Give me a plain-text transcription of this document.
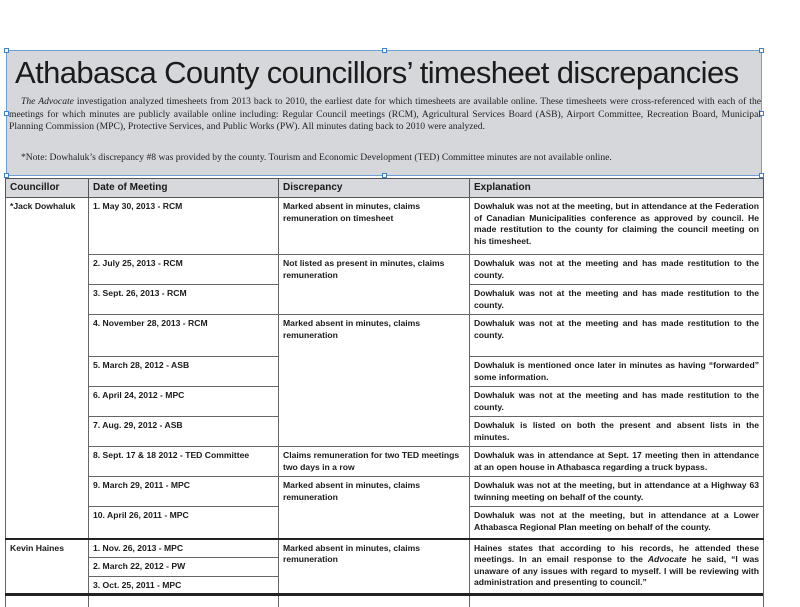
Athabasca County councillors’ timesheet discrepancies
The Advocate investigation analyzed timesheets from 2013 back to 2010, the earliest date for which timesheets are available online. These timesheets were cross-referenced with each of the meetings for which minutes are publicly available online including: Regular Council meetings (RCM), Agricultural Services Board (ASB), Airport Committee, Recreation Board, Municipal Planning Commission (MPC), Protective Services, and Public Works (PW). All minutes dating back to 2010 were analyzed.
*Note: Dowhaluk’s discrepancy #8 was provided by the county. Tourism and Economic Development (TED) Committee minutes are not available online.
Councillor	Date of Meeting	Discrepancy	Explanation
*Jack Dowhaluk	1. May 30, 2013 - RCM	Marked absent in minutes, claims remuneration on timesheet	Dowhaluk was not at the meeting, but in attendance at the Federation of Canadian Municipalities conference as approved by council. He made restitution to the county for claiming the council meeting on his timesheet.
	2. July 25, 2013 - RCM	Not listed as present in minutes, claims remuneration	Dowhaluk was not at the meeting and has made restitution to the county.
	3. Sept. 26, 2013 - RCM		Dowhaluk was not at the meeting and has made restitution to the county.
	4. November 28, 2013 - RCM	Marked absent in minutes, claims remuneration	Dowhaluk was not at the meeting and has made restitution to the county.
	5. March 28, 2012 - ASB		Dowhaluk is mentioned once later in minutes as having “forwarded” some information.
	6. April 24, 2012 - MPC		Dowhaluk was not at the meeting and has made restitution to the county.
	7. Aug. 29, 2012 - ASB		Dowhaluk is listed on both the present and absent lists in the minutes.
	8. Sept. 17 & 18 2012 - TED Committee	Claims remuneration for two TED meetings two days in a row	Dowhaluk was in attendance at Sept. 17 meeting then in attendance at an open house in Athabasca regarding a truck bypass.
	9. March 29, 2011 - MPC	Marked absent in minutes, claims remuneration	Dowhaluk was not at the meeting, but in attendance at a Highway 63 twinning meeting on behalf of the county.
	10. April 26, 2011 - MPC		Dowhaluk was not at the meeting, but in attendance at a Lower Athabasca Regional Plan meeting on behalf of the county.
Kevin Haines	1. Nov. 26, 2013 - MPC	Marked absent in minutes, claims remuneration	Haines states that according to his records, he attended these meetings. In an email response to the Advocate he said, “I was unaware of any issues with regard to myself. I will be reviewing with administration and presenting to council.”
	2. March 22, 2012 - PW		
	3. Oct. 25, 2011 - MPC		
